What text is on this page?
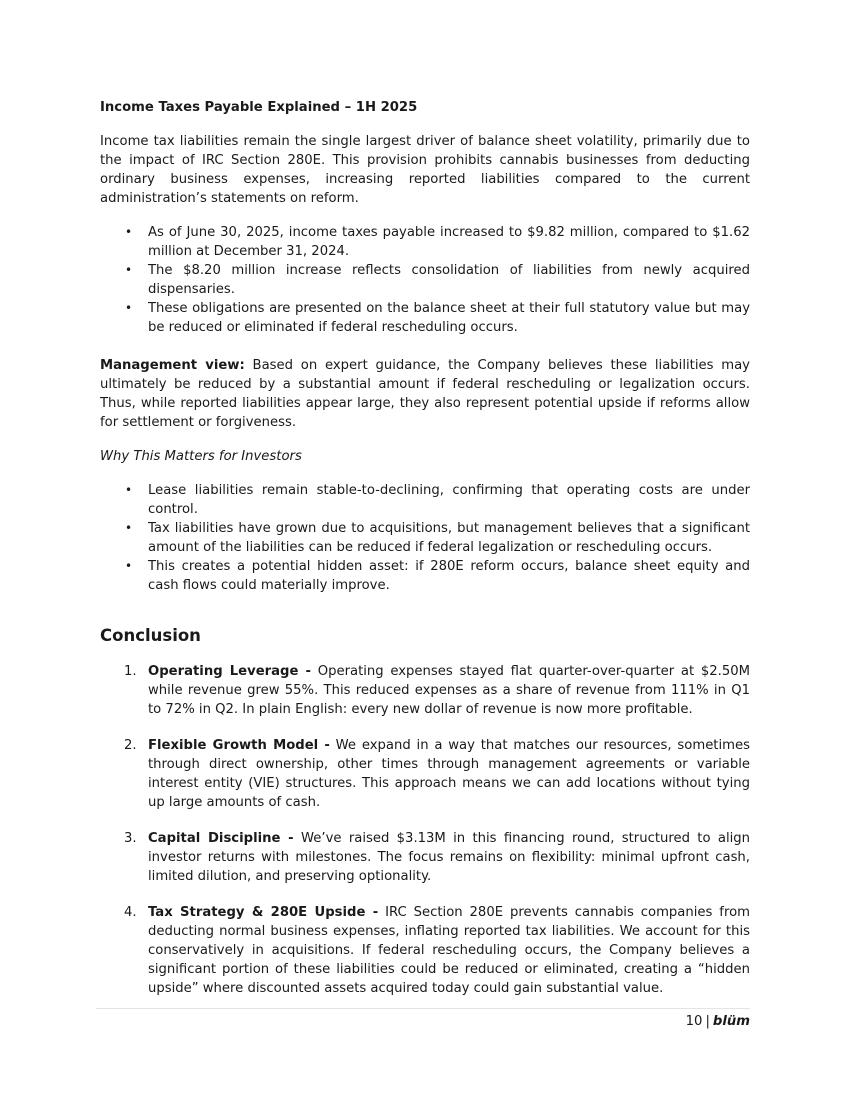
Income Taxes Payable Explained – 1H 2025

Income tax liabilities remain the single largest driver of balance sheet volatility, primarily due to the impact of IRC Section 280E. This provision prohibits cannabis businesses from deducting ordinary business expenses, increasing reported liabilities compared to the current administration’s statements on reform.

• As of June 30, 2025, income taxes payable increased to $9.82 million, compared to $1.62 million at December 31, 2024.
• The $8.20 million increase reflects consolidation of liabilities from newly acquired dispensaries.
• These obligations are presented on the balance sheet at their full statutory value but may be reduced or eliminated if federal rescheduling occurs.

Management view: Based on expert guidance, the Company believes these liabilities may ultimately be reduced by a substantial amount if federal rescheduling or legalization occurs. Thus, while reported liabilities appear large, they also represent potential upside if reforms allow for settlement or forgiveness.

Why This Matters for Investors
• Lease liabilities remain stable-to-declining, confirming that operating costs are under control.
• Tax liabilities have grown due to acquisitions, but management believes that a significant amount of the liabilities can be reduced if federal legalization or rescheduling occurs.
• This creates a potential hidden asset: if 280E reform occurs, balance sheet equity and cash flows could materially improve.
Conclusion
1. Operating Leverage - Operating expenses stayed flat quarter-over-quarter at $2.50M while revenue grew 55%. This reduced expenses as a share of revenue from 111% in Q1 to 72% in Q2. In plain English: every new dollar of revenue is now more profitable.
2. Flexible Growth Model - We expand in a way that matches our resources, sometimes through direct ownership, other times through management agreements or variable interest entity (VIE) structures. This approach means we can add locations without tying up large amounts of cash.
3. Capital Discipline - We’ve raised $3.13M in this financing round, structured to align investor returns with milestones. The focus remains on flexibility: minimal upfront cash, limited dilution, and preserving optionality.
4. Tax Strategy & 280E Upside - IRC Section 280E prevents cannabis companies from deducting normal business expenses, inflating reported tax liabilities. We account for this conservatively in acquisitions. If federal rescheduling occurs, the Company believes a significant portion of these liabilities could be reduced or eliminated, creating a “hidden upside” where discounted assets acquired today could gain substantial value.
10 | blüm
